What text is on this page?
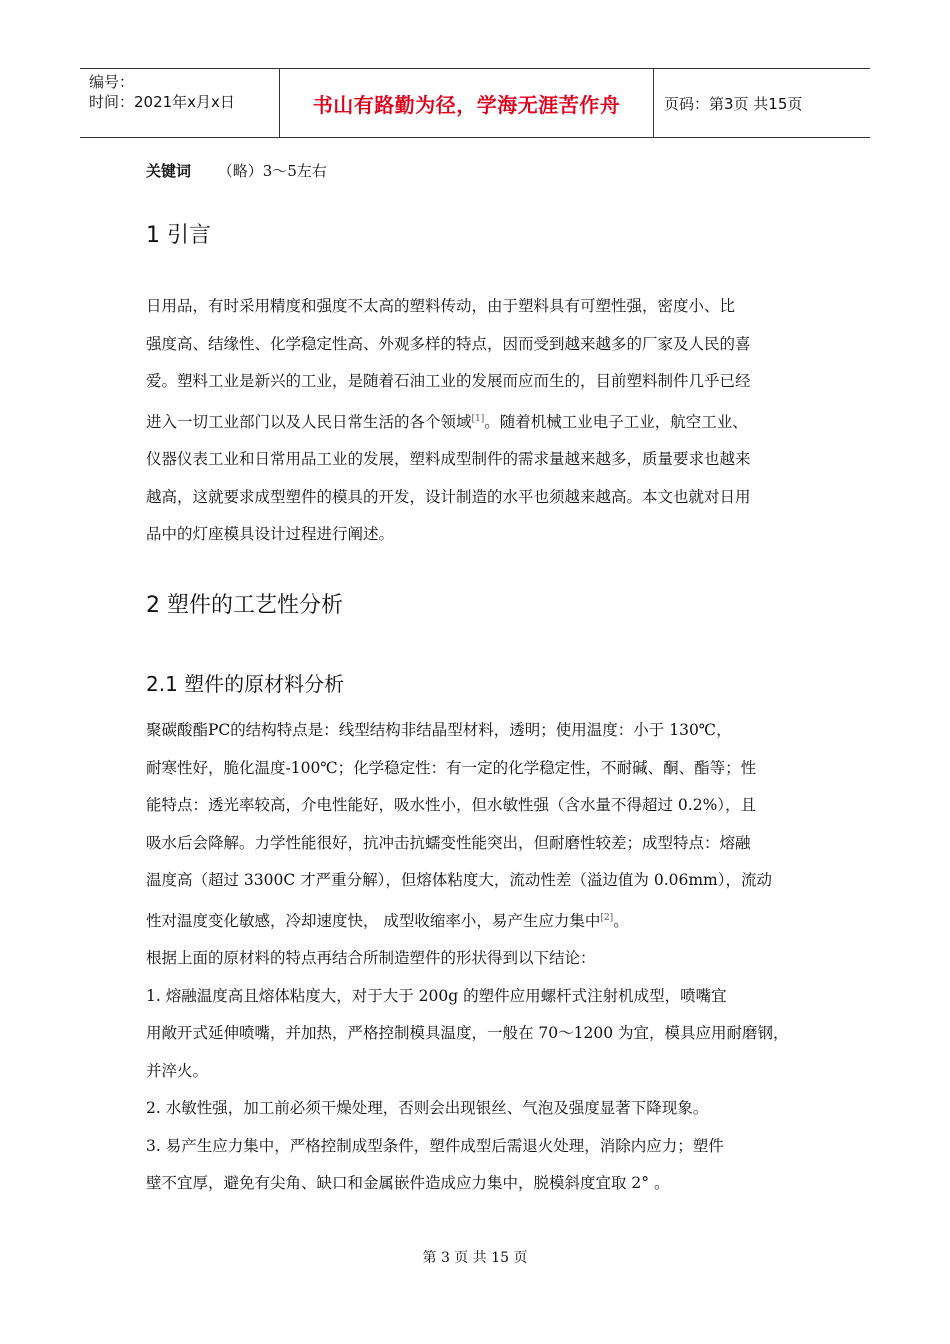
编号：
时间：2021年x月x日	书山有路勤为径，学海无涯苦作舟	页码：第3页 共15页
关键词 （略）3～5左右
1 引言
日用品，有时采用精度和强度不太高的塑料传动，由于塑料具有可塑性强，密度小、比
强度高、结缘性、化学稳定性高、外观多样的特点，因而受到越来越多的厂家及人民的喜
爱。塑料工业是新兴的工业，是随着石油工业的发展而应而生的，目前塑料制件几乎已经
进入一切工业部门以及人民日常生活的各个领域[1]。随着机械工业电子工业，航空工业、
仪器仪表工业和日常用品工业的发展，塑料成型制件的需求量越来越多，质量要求也越来
越高，这就要求成型塑件的模具的开发，设计制造的水平也须越来越高。本文也就对日用
品中的灯座模具设计过程进行阐述。
2 塑件的工艺性分析
2.1 塑件的原材料分析
聚碳酸酯PC的结构特点是：线型结构非结晶型材料，透明；使用温度：小于 130℃，
耐寒性好，脆化温度-100℃；化学稳定性：有一定的化学稳定性，不耐碱、酮、酯等；性
能特点：透光率较高，介电性能好，吸水性小，但水敏性强（含水量不得超过 0.2%），且
吸水后会降解。力学性能很好，抗冲击抗蠕变性能突出，但耐磨性较差；成型特点：熔融
温度高（超过 3300C 才严重分解），但熔体粘度大，流动性差（溢边值为 0.06mm），流动
性对温度变化敏感，冷却速度快， 成型收缩率小，易产生应力集中[2]。
根据上面的原材料的特点再结合所制造塑件的形状得到以下结论：
1. 熔融温度高且熔体粘度大，对于大于 200g 的塑件应用螺杆式注射机成型，喷嘴宜
用敞开式延伸喷嘴，并加热，严格控制模具温度，一般在 70～1200 为宜，模具应用耐磨钢，
并淬火。
2. 水敏性强，加工前必须干燥处理，否则会出现银丝、气泡及强度显著下降现象。
3. 易产生应力集中，严格控制成型条件，塑件成型后需退火处理，消除内应力；塑件
壁不宜厚，避免有尖角、缺口和金属嵌件造成应力集中，脱模斜度宜取 2° 。
第 3 页 共 15 页
